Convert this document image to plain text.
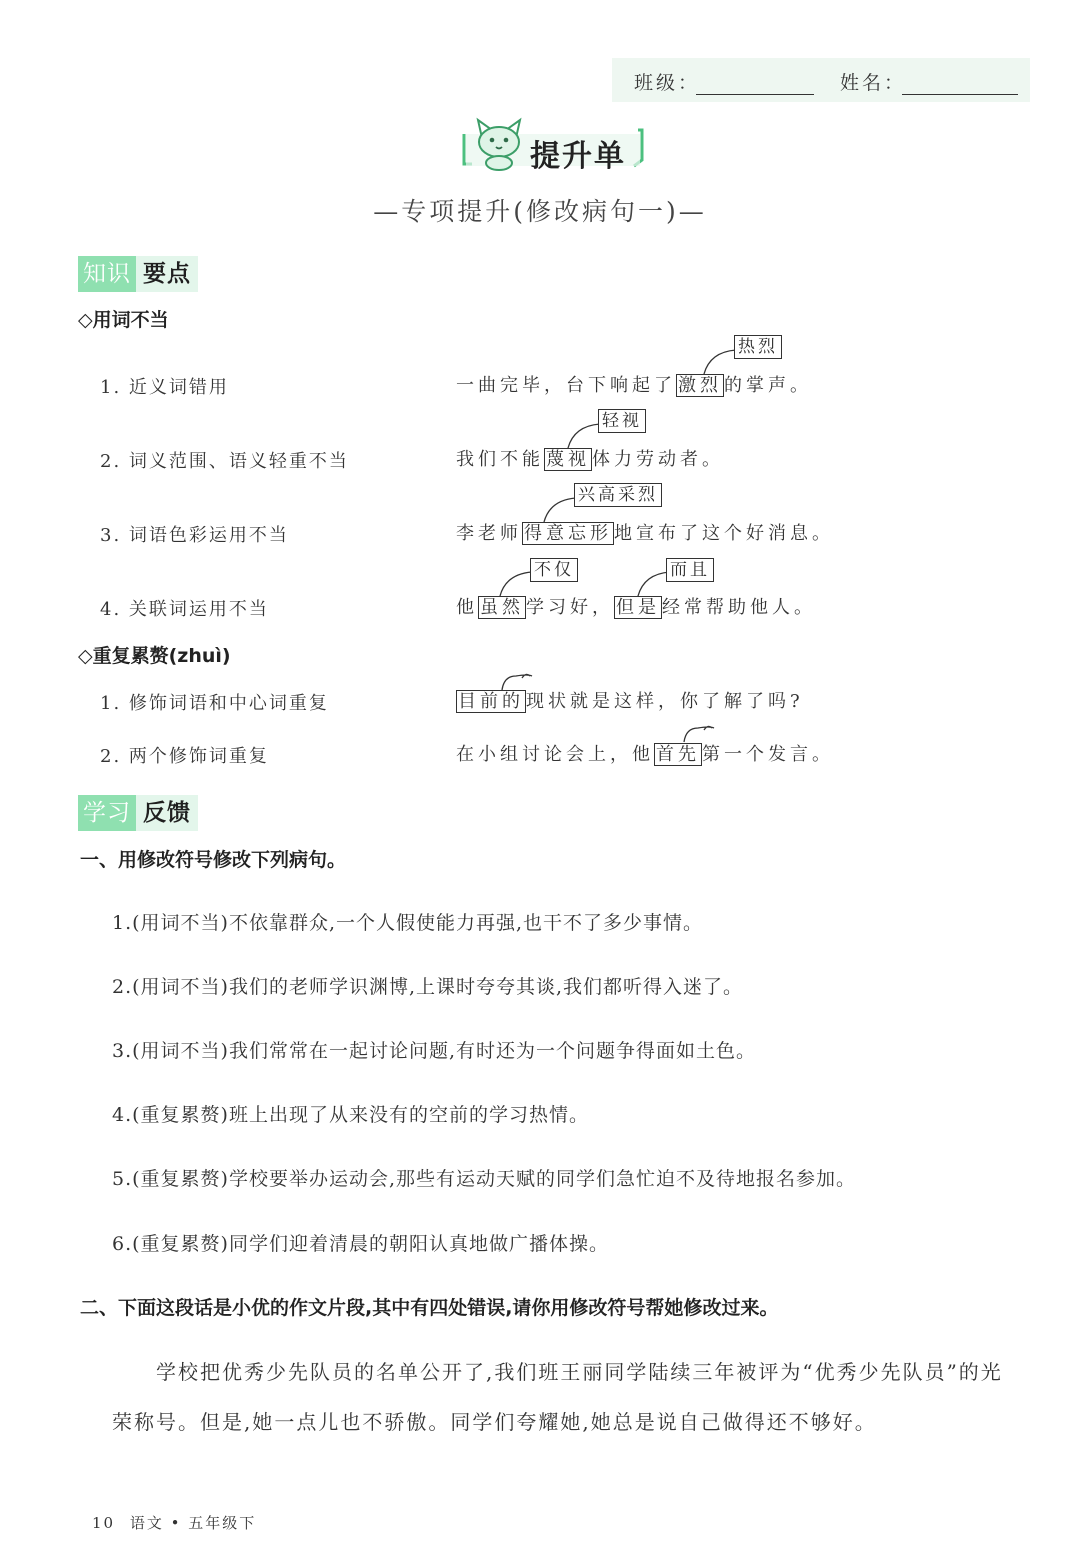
班级：	姓名：
提升单
—专项提升(修改病句一)—
知识 要点
◇用词不当
1. 近义词错用	一曲完毕，台下响起了 激烈 的掌声。
热烈
2. 词义范围、语义轻重不当	我们不能 蔑视 体力劳动者。
轻视
3. 词语色彩运用不当	李老师 得意忘形 地宣布了这个好消息。
兴高采烈
4. 关联词运用不当	他 虽然 学习好， 但是 经常帮助他人。
不仅	而且
◇重复累赘(zhuì)
1. 修饰词语和中心词重复	目前的 现状就是这样，你了解了吗?
2. 两个修饰词重复	在小组讨论会上，他 首先 第一个发言。
学习 反馈
一、用修改符号修改下列病句。
1.(用词不当)不依靠群众,一个人假使能力再强,也干不了多少事情。
2.(用词不当)我们的老师学识渊博,上课时夸夸其谈,我们都听得入迷了。
3.(用词不当)我们常常在一起讨论问题,有时还为一个问题争得面如土色。
4.(重复累赘)班上出现了从来没有的空前的学习热情。
5.(重复累赘)学校要举办运动会,那些有运动天赋的同学们急忙迫不及待地报名参加。
6.(重复累赘)同学们迎着清晨的朝阳认真地做广播体操。
二、下面这段话是小优的作文片段,其中有四处错误,请你用修改符号帮她修改过来。
学校把优秀少先队员的名单公开了,我们班王丽同学陆续三年被评为“优秀少先队员”的光
荣称号。但是,她一点儿也不骄傲。同学们夸耀她,她总是说自己做得还不够好。
10 语文 • 五年级下
